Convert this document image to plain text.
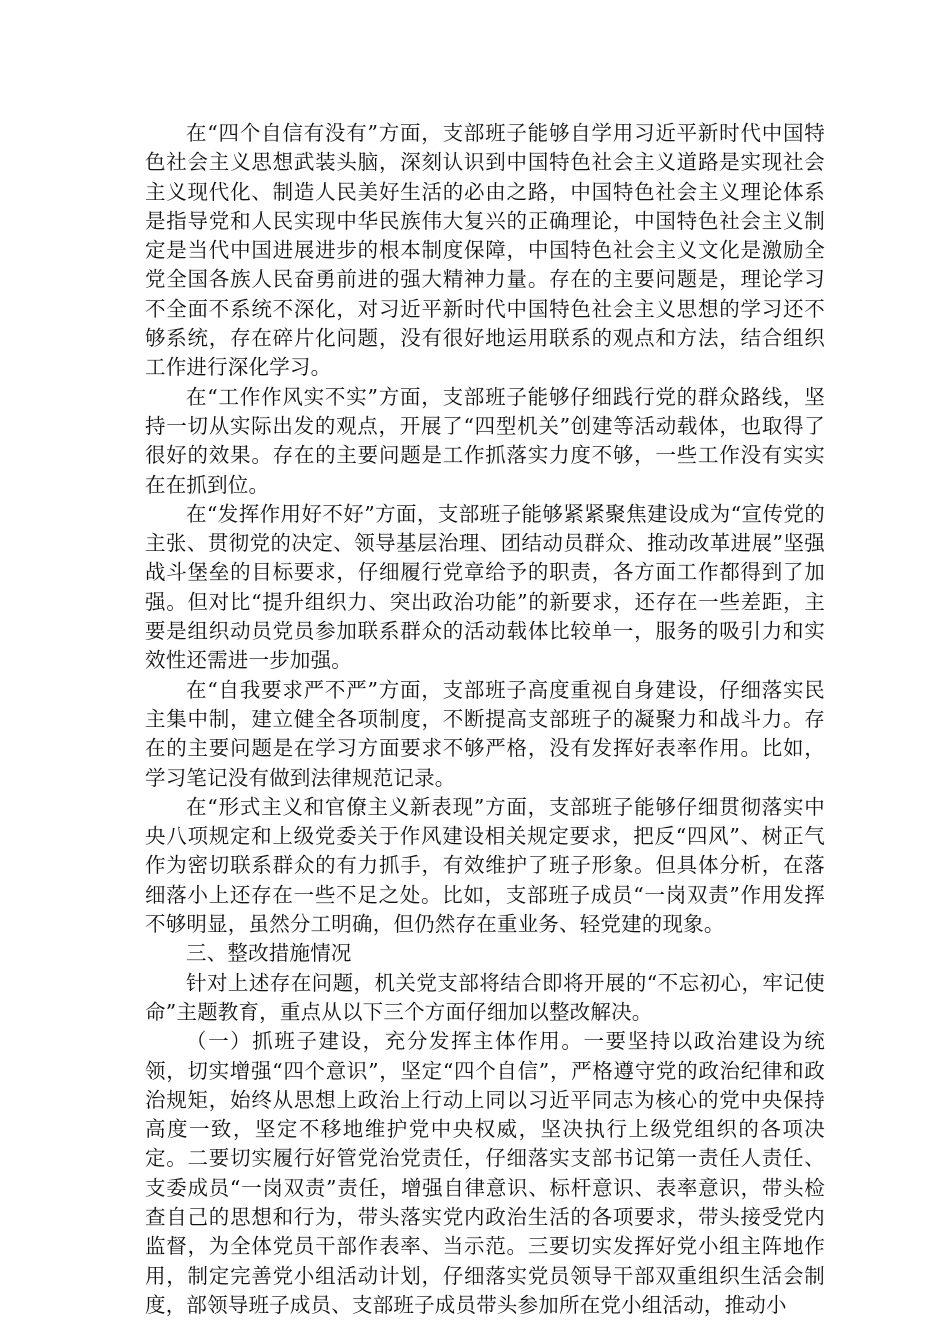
在“四个自信有没有”方面，支部班子能够自学用习近平新时代中国特色社会主义思想武装头脑，深刻认识到中国特色社会主义道路是实现社会主义现代化、制造人民美好生活的必由之路，中国特色社会主义理论体系是指导党和人民实现中华民族伟大复兴的正确理论，中国特色社会主义制定是当代中国进展进步的根本制度保障，中国特色社会主义文化是激励全党全国各族人民奋勇前进的强大精神力量。存在的主要问题是，理论学习不全面不系统不深化，对习近平新时代中国特色社会主义思想的学习还不够系统，存在碎片化问题，没有很好地运用联系的观点和方法，结合组织工作进行深化学习。

在“工作作风实不实”方面，支部班子能够仔细践行党的群众路线，坚持一切从实际出发的观点，开展了“四型机关”创建等活动载体，也取得了很好的效果。存在的主要问题是工作抓落实力度不够，一些工作没有实实在在抓到位。

在“发挥作用好不好”方面，支部班子能够紧紧聚焦建设成为“宣传党的主张、贯彻党的决定、领导基层治理、团结动员群众、推动改革进展”坚强战斗堡垒的目标要求，仔细履行党章给予的职责，各方面工作都得到了加强。但对比“提升组织力、突出政治功能”的新要求，还存在一些差距，主要是组织动员党员参加联系群众的活动载体比较单一，服务的吸引力和实效性还需进一步加强。

在“自我要求严不严”方面，支部班子高度重视自身建设，仔细落实民主集中制，建立健全各项制度，不断提高支部班子的凝聚力和战斗力。存在的主要问题是在学习方面要求不够严格，没有发挥好表率作用。比如，学习笔记没有做到法律规范记录。

在“形式主义和官僚主义新表现”方面，支部班子能够仔细贯彻落实中央八项规定和上级党委关于作风建设相关规定要求，把反“四风”、树正气作为密切联系群众的有力抓手，有效维护了班子形象。但具体分析，在落细落小上还存在一些不足之处。比如，支部班子成员“一岗双责”作用发挥不够明显，虽然分工明确，但仍然存在重业务、轻党建的现象。

三、整改措施情况

针对上述存在问题，机关党支部将结合即将开展的“不忘初心，牢记使命”主题教育，重点从以下三个方面仔细加以整改解决。

（一）抓班子建设，充分发挥主体作用。一要坚持以政治建设为统领，切实增强“四个意识”，坚定“四个自信”，严格遵守党的政治纪律和政治规矩，始终从思想上政治上行动上同以习近平同志为核心的党中央保持高度一致，坚定不移地维护党中央权威，坚决执行上级党组织的各项决定。二要切实履行好管党治党责任，仔细落实支部书记第一责任人责任、支委成员“一岗双责”责任，增强自律意识、标杆意识、表率意识，带头检查自己的思想和行为，带头落实党内政治生活的各项要求，带头接受党内监督，为全体党员干部作表率、当示范。三要切实发挥好党小组主阵地作用，制定完善党小组活动计划，仔细落实党员领导干部双重组织生活会制度，部领导班子成员、支部班子成员带头参加所在党小组活动，推动小
